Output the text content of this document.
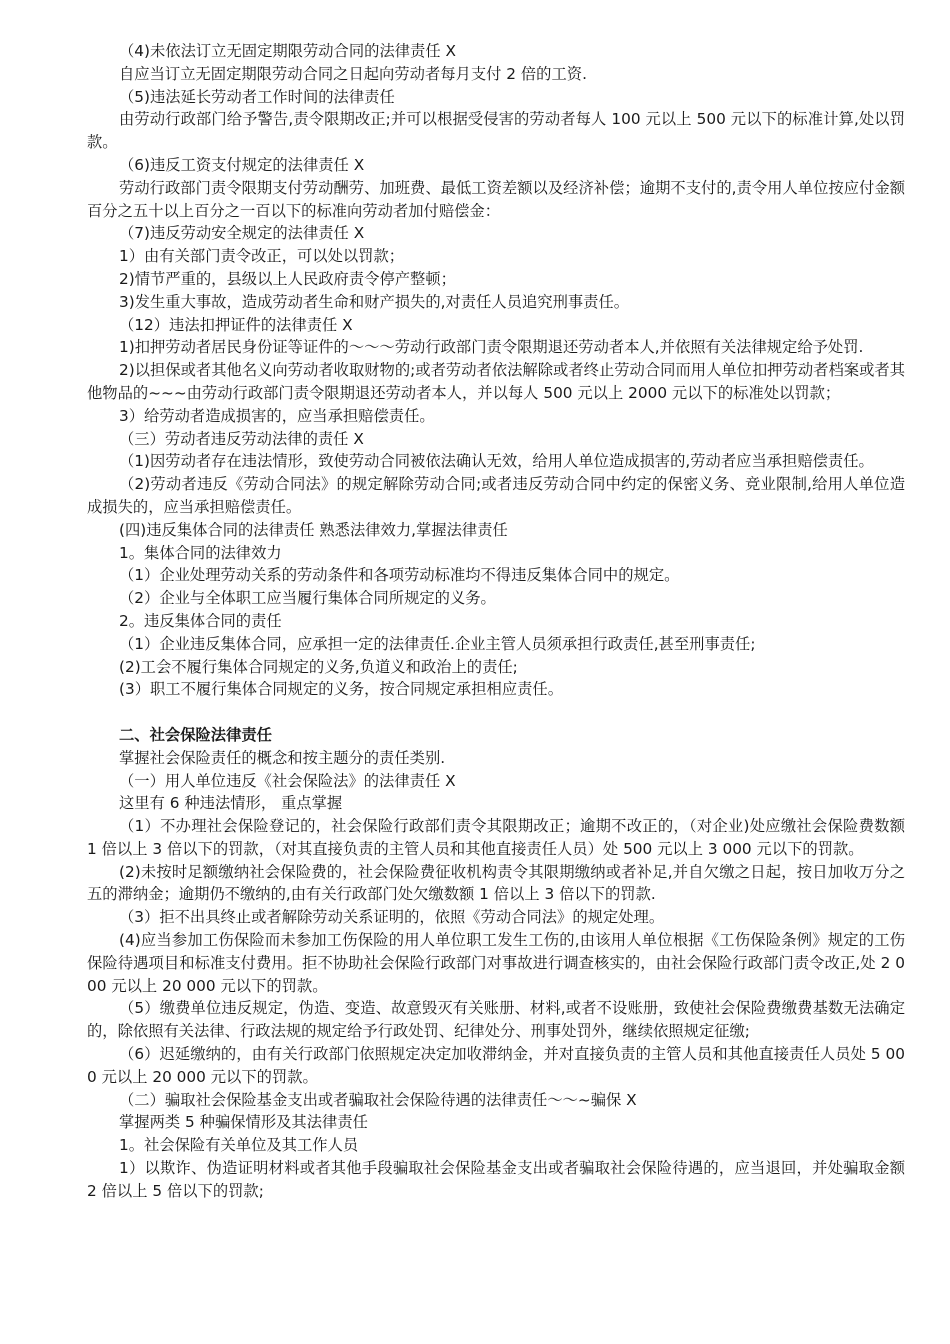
（4)未依法订立无固定期限劳动合同的法律责任 X

自应当订立无固定期限劳动合同之日起向劳动者每月支付 2 倍的工资.

（5)违法延长劳动者工作时间的法律责任

由劳动行政部门给予警告,责令限期改正;并可以根据受侵害的劳动者每人 100 元以上 500 元以下的标准计算,处以罚款。

（6)违反工资支付规定的法律责任 X

劳动行政部门责令限期支付劳动酬劳、加班费、最低工资差额以及经济补偿；逾期不支付的,责令用人单位按应付金额百分之五十以上百分之一百以下的标准向劳动者加付赔偿金：

（7)违反劳动安全规定的法律责任 X

1）由有关部门责令改正，可以处以罚款；

2)情节严重的，县级以上人民政府责令停产整顿；

3)发生重大事故，造成劳动者生命和财产损失的,对责任人员追究刑事责任。

（12）违法扣押证件的法律责任 X

1)扣押劳动者居民身份证等证件的～～～劳动行政部门责令限期退还劳动者本人,并依照有关法律规定给予处罚.

2)以担保或者其他名义向劳动者收取财物的;或者劳动者依法解除或者终止劳动合同而用人单位扣押劳动者档案或者其他物品的~~~由劳动行政部门责令限期退还劳动者本人，并以每人 500 元以上 2000 元以下的标准处以罚款；

3）给劳动者造成损害的，应当承担赔偿责任。

（三）劳动者违反劳动法律的责任 X

（1)因劳动者存在违法情形，致使劳动合同被依法确认无效，给用人单位造成损害的,劳动者应当承担赔偿责任。

（2)劳动者违反《劳动合同法》的规定解除劳动合同;或者违反劳动合同中约定的保密义务、竞业限制,给用人单位造成损失的，应当承担赔偿责任。

(四)违反集体合同的法律责任 熟悉法律效力,掌握法律责任

1。集体合同的法律效力

（1）企业处理劳动关系的劳动条件和各项劳动标准均不得违反集体合同中的规定。

（2）企业与全体职工应当履行集体合同所规定的义务。

2。违反集体合同的责任

（1）企业违反集体合同，应承担一定的法律责任.企业主管人员须承担行政责任,甚至刑事责任;

(2)工会不履行集体合同规定的义务,负道义和政治上的责任;

(3）职工不履行集体合同规定的义务，按合同规定承担相应责任。

二、社会保险法律责任

掌握社会保险责任的概念和按主题分的责任类别.

（一）用人单位违反《社会保险法》的法律责任 X

这里有 6 种违法情形， 重点掌握

（1）不办理社会保险登记的，社会保险行政部们责令其限期改正；逾期不改正的，（对企业)处应缴社会保险费数额 1 倍以上 3 倍以下的罚款，（对其直接负责的主管人员和其他直接责任人员）处 500 元以上 3 000 元以下的罚款。

(2)未按时足额缴纳社会保险费的，社会保险费征收机构责令其限期缴纳或者补足,并自欠缴之日起，按日加收万分之五的滞纳金；逾期仍不缴纳的,由有关行政部门处欠缴数额 1 倍以上 3 倍以下的罚款.

（3）拒不出具终止或者解除劳动关系证明的，依照《劳动合同法》的规定处理。

(4)应当参加工伤保险而未参加工伤保险的用人单位职工发生工伤的,由该用人单位根据《工伤保险条例》规定的工伤保险待遇项目和标准支付费用。拒不协助社会保险行政部门对事故进行调查核实的，由社会保险行政部门责令改正,处 2 000 元以上 20 000 元以下的罚款。

（5）缴费单位违反规定，伪造、变造、故意毁灭有关账册、材料,或者不设账册，致使社会保险费缴费基数无法确定的，除依照有关法律、行政法规的规定给予行政处罚、纪律处分、刑事处罚外，继续依照规定征缴;

（6）迟延缴纳的，由有关行政部门依照规定决定加收滞纳金，并对直接负责的主管人员和其他直接责任人员处 5 000 元以上 20 000 元以下的罚款。

（二）骗取社会保险基金支出或者骗取社会保险待遇的法律责任～～~骗保 X

掌握两类 5 种骗保情形及其法律责任

1。社会保险有关单位及其工作人员

1）以欺诈、伪造证明材料或者其他手段骗取社会保险基金支出或者骗取社会保险待遇的，应当退回，并处骗取金额 2 倍以上 5 倍以下的罚款;
